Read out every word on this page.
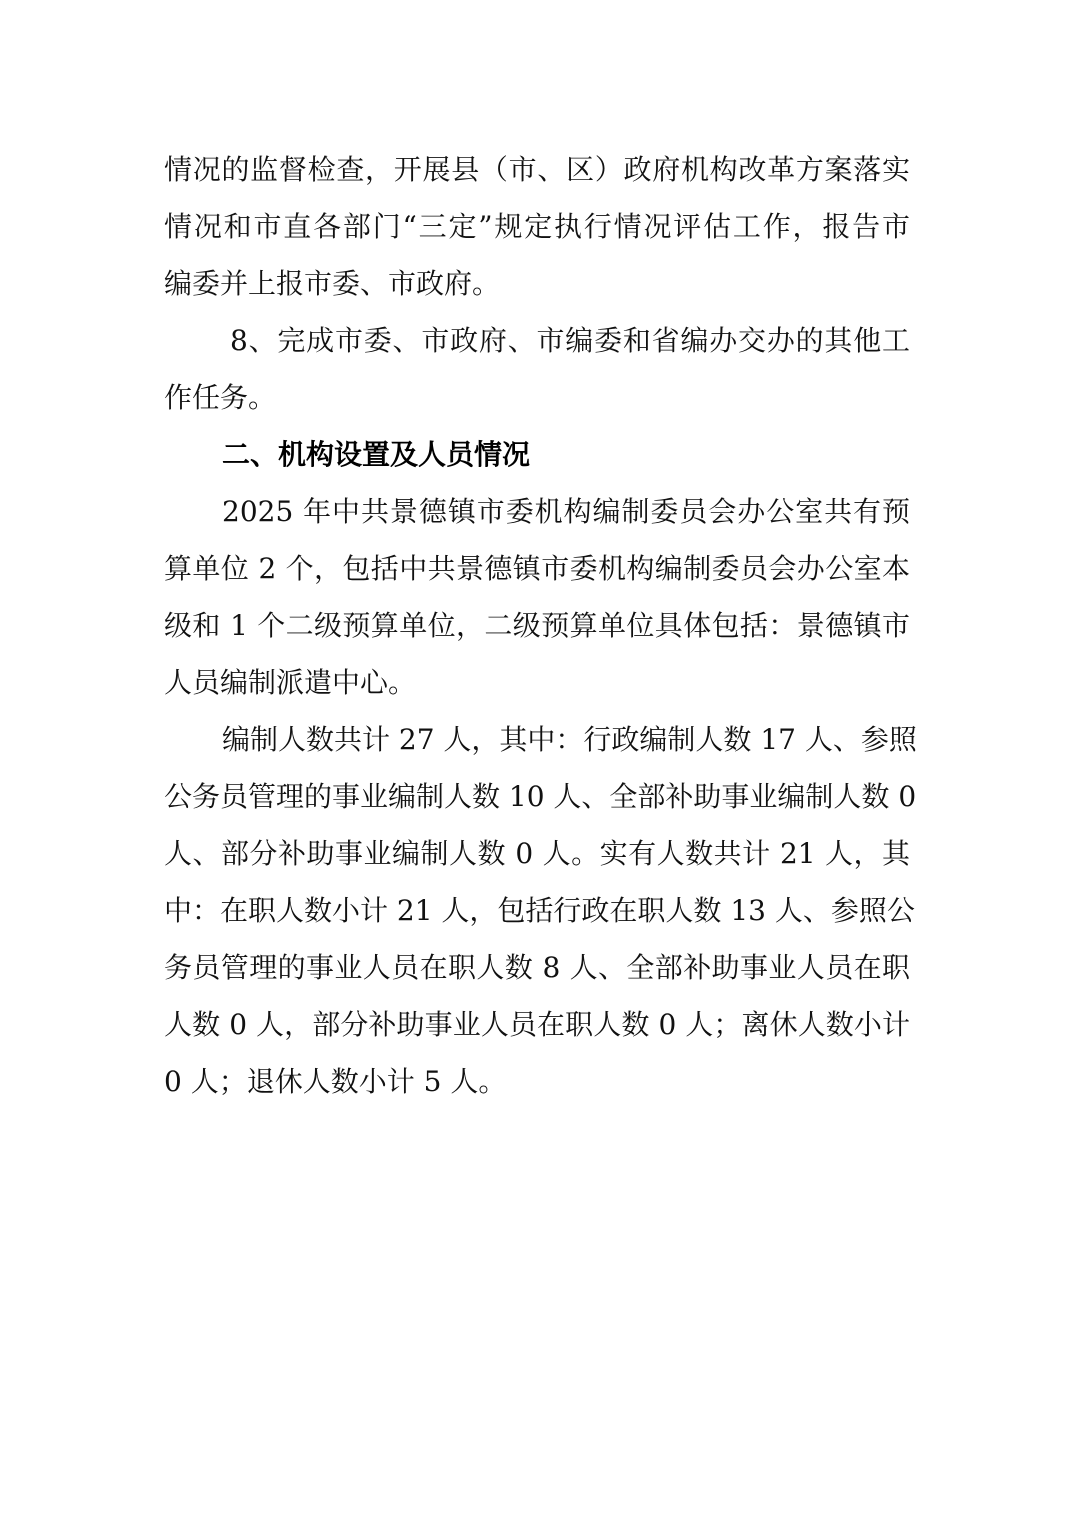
情况的监督检查，开展县（市、区）政府机构改革方案落实
情况和市直各部门“三定”规定执行情况评估工作，报告市
编委并上报市委、市政府。
8、完成市委、市政府、市编委和省编办交办的其他工
作任务。
二、机构设置及人员情况
2025 年中共景德镇市委机构编制委员会办公室共有预
算单位 2 个，包括中共景德镇市委机构编制委员会办公室本
级和 1 个二级预算单位，二级预算单位具体包括：景德镇市
人员编制派遣中心。
编制人数共计 27 人，其中：行政编制人数 17 人、参照
公务员管理的事业编制人数 10 人、全部补助事业编制人数 0
人、部分补助事业编制人数 0 人。实有人数共计 21 人，其
中：在职人数小计 21 人，包括行政在职人数 13 人、参照公
务员管理的事业人员在职人数 8 人、全部补助事业人员在职
人数 0 人，部分补助事业人员在职人数 0 人；离休人数小计
0 人；退休人数小计 5 人。
